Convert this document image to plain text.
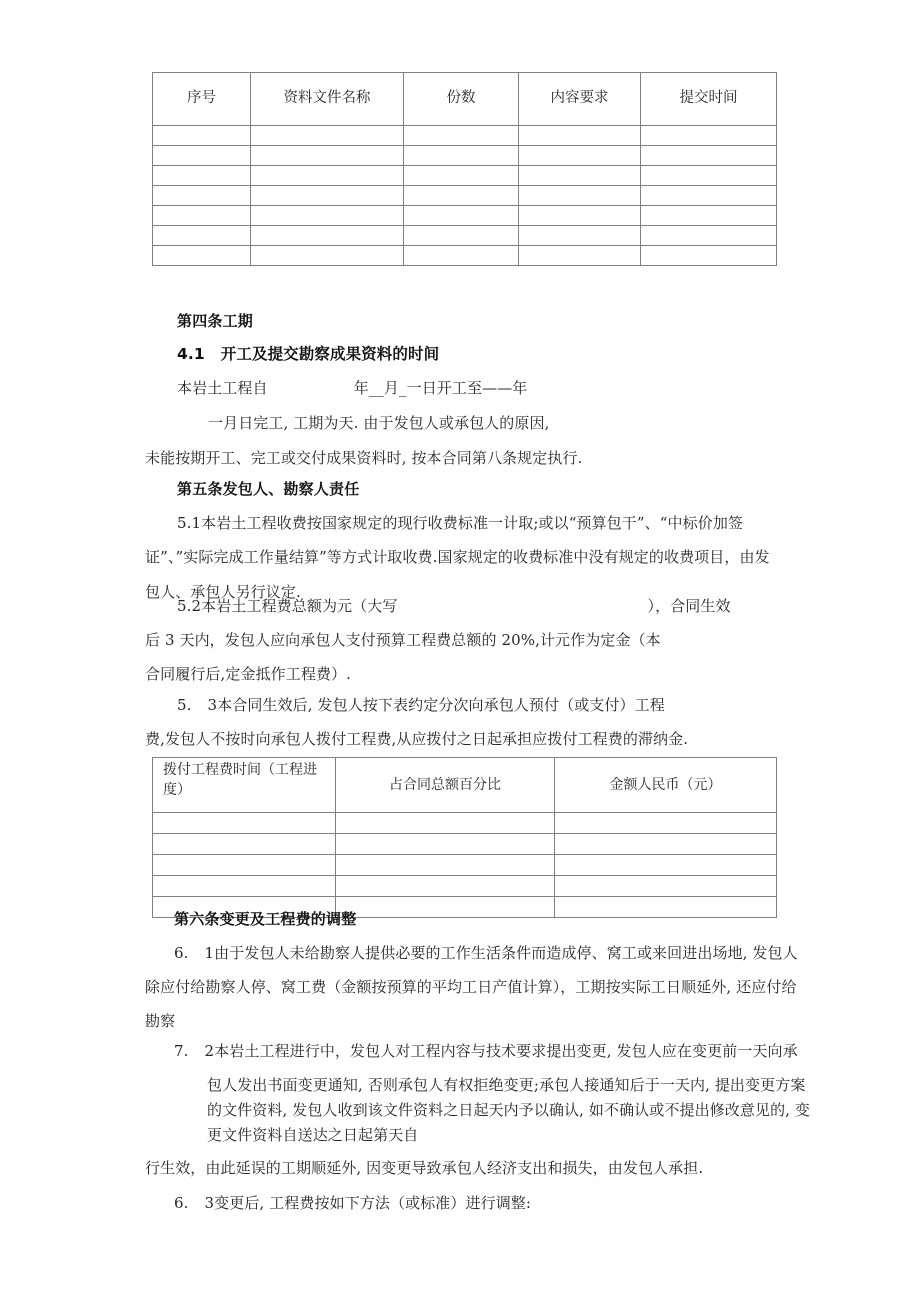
序号	资料文件名称	份数	内容要求	提交时间

第四条工期
4.1 开工及提交勘察成果资料的时间
本岩土工程自	年__月_一日开工至——年
一月日完工, 工期为天. 由于发包人或承包人的原因,
未能按期开工、完工或交付成果资料时, 按本合同第八条规定执行.
第五条发包人、勘察人责任
5.1本岩土工程收费按国家规定的现行收费标准一计取;或以“预算包干”、“中标价加签
证”、”实际完成工作量结算”等方式计取收费.国家规定的收费标准中没有规定的收费项目，由发
包人、承包人另行议定.
5.2本岩土工程费总额为元（大写	），合同生效
后 3 天内，发包人应向承包人支付预算工程费总额的 20%,计元作为定金（本
合同履行后,定金抵作工程费）.
5. 3本合同生效后, 发包人按下表约定分次向承包人预付（或支付）工程
费,发包人不按时向承包人拨付工程费,从应拨付之日起承担应拨付工程费的滞纳金.
拨付工程费时间（工程进度）	占合同总额百分比	金额人民币（元）

第六条变更及工程费的调整
6. 1由于发包人未给勘察人提供必要的工作生活条件而造成停、窝工或来回进出场地, 发包人
除应付给勘察人停、窝工费（金额按预算的平均工日产值计算），工期按实际工日顺延外, 还应付给
勘察
7. 2本岩土工程进行中，发包人对工程内容与技术要求提出变更, 发包人应在变更前一天向承
包人发出书面变更通知, 否则承包人有权拒绝变更;承包人接通知后于一天内, 提出变更方案
的文件资料, 发包人收到该文件资料之日起天内予以确认, 如不确认或不提出修改意见的, 变
更文件资料自送达之日起第天自
行生效，由此延误的工期顺延外, 因变更导致承包人经济支出和损失，由发包人承担.
6. 3变更后, 工程费按如下方法（或标准）进行调整:
